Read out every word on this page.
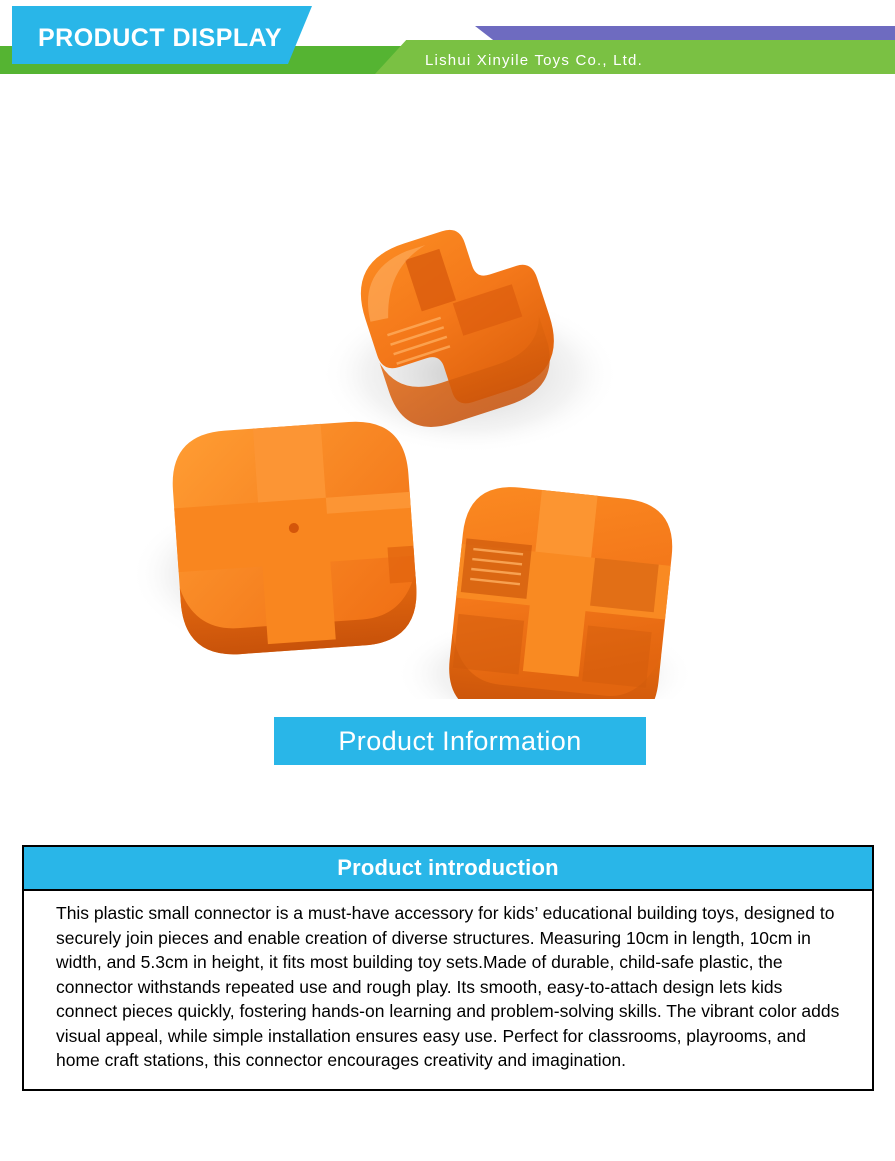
PRODUCT DISPLAY
Lishui Xinyile Toys Co., Ltd.
Product Information
Product introduction

This plastic small connector is a must-have accessory for kids’ educational building toys, designed to securely join pieces and enable creation of diverse structures. Measuring 10cm in length, 10cm in width, and 5.3cm in height, it fits most building toy sets.Made of durable, child-safe plastic, the connector withstands repeated use and rough play. Its smooth, easy-to-attach design lets kids connect pieces quickly, fostering hands-on learning and problem-solving skills. The vibrant color adds visual appeal, while simple installation ensures easy use. Perfect for classrooms, playrooms, and home craft stations, this connector encourages creativity and imagination.
